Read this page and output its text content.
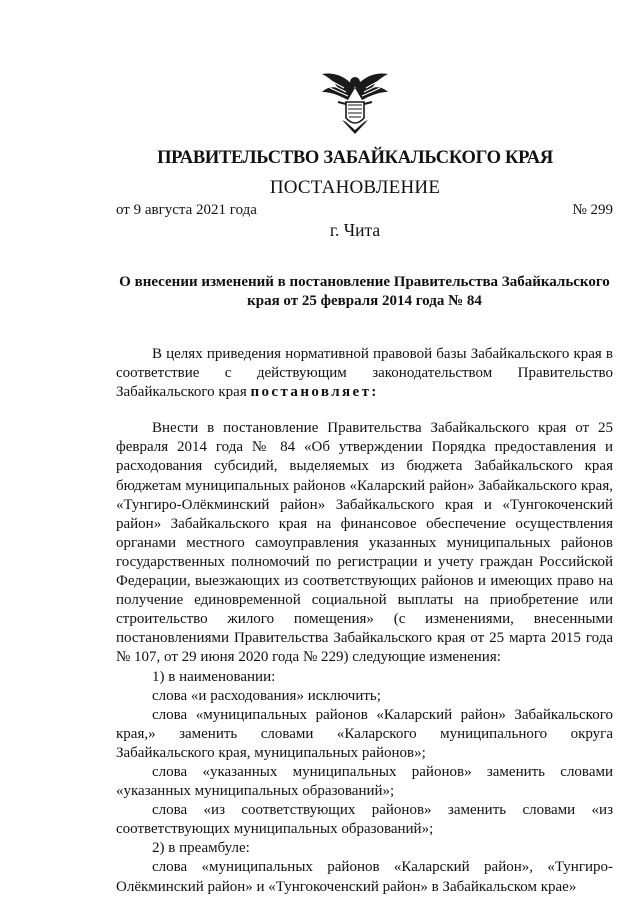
ПРАВИТЕЛЬСТВО ЗАБАЙКАЛЬСКОГО КРАЯ
ПОСТАНОВЛЕНИЕ
от 9 августа 2021 года	№ 299
г. Чита
О внесении изменений в постановление Правительства Забайкальского края от 25 февраля 2014 года № 84

В целях приведения нормативной правовой базы Забайкальского края в соответствие с действующим законодательством Правительство Забайкальского края постановляет:

Внести в постановление Правительства Забайкальского края от 25 февраля 2014 года № 84 «Об утверждении Порядка предоставления и расходования субсидий, выделяемых из бюджета Забайкальского края бюджетам муниципальных районов «Каларский район» Забайкальского края, «Тунгиро-Олёкминский район» Забайкальского края и «Тунгокоченский район» Забайкальского края на финансовое обеспечение осуществления органами местного самоуправления указанных муниципальных районов государственных полномочий по регистрации и учету граждан Российской Федерации, выезжающих из соответствующих районов и имеющих право на получение единовременной социальной выплаты на приобретение или строительство жилого помещения» (с изменениями, внесенными постановлениями Правительства Забайкальского края от 25 марта 2015 года № 107, от 29 июня 2020 года № 229) следующие изменения:

1) в наименовании:

слова «и расходования» исключить;

слова «муниципальных районов «Каларский район» Забайкальского края,» заменить словами «Каларского муниципального округа Забайкальского края, муниципальных районов»;

слова «указанных муниципальных районов» заменить словами «указанных муниципальных образований»;

слова «из соответствующих районов» заменить словами «из соответствующих муниципальных образований»;

2) в преамбуле:

слова «муниципальных районов «Каларский район», «Тунгиро-Олёкминский район» и «Тунгокоченский район» в Забайкальском крае»
